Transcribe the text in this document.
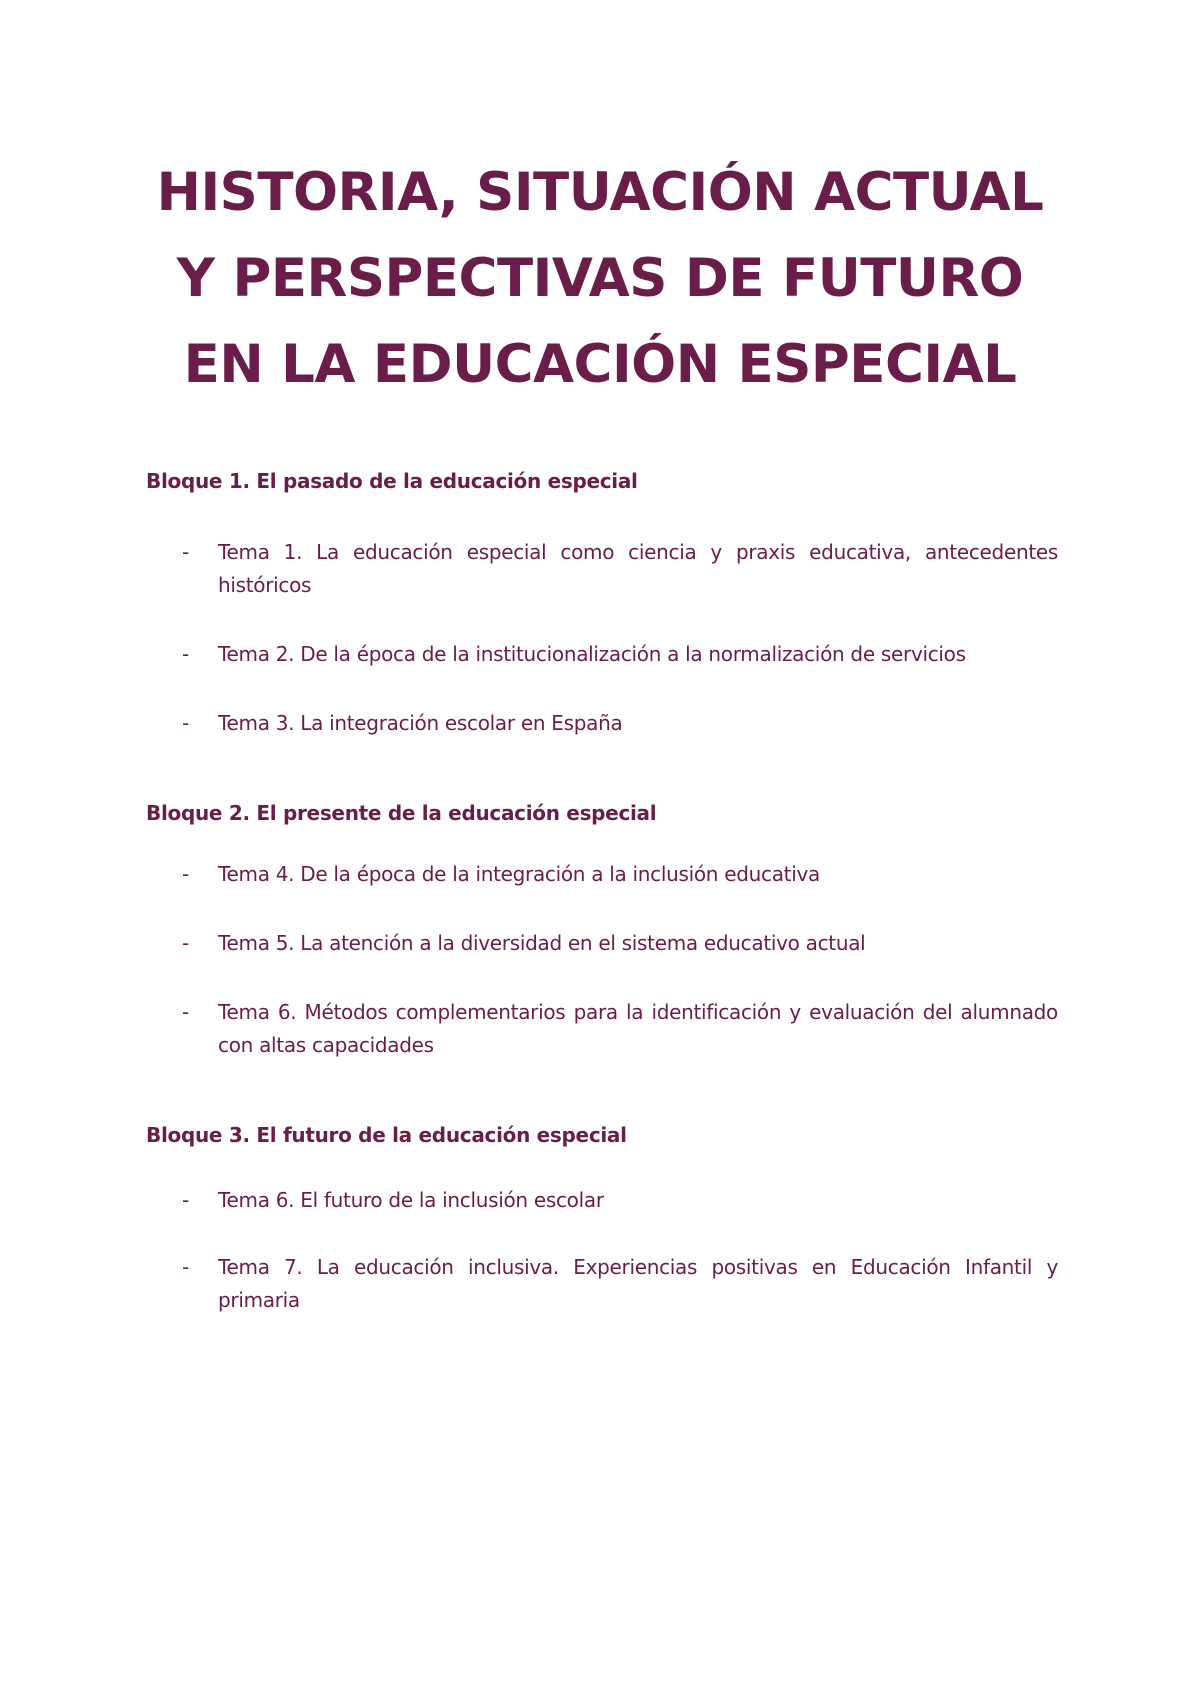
HISTORIA, SITUACIÓN ACTUAL Y PERSPECTIVAS DE FUTURO EN LA EDUCACIÓN ESPECIAL
Bloque 1. El pasado de la educación especial
- Tema 1. La educación especial como ciencia y praxis educativa, antecedentes históricos
- Tema 2. De la época de la institucionalización a la normalización de servicios
- Tema 3. La integración escolar en España
Bloque 2. El presente de la educación especial
- Tema 4. De la época de la integración a la inclusión educativa
- Tema 5. La atención a la diversidad en el sistema educativo actual
- Tema 6. Métodos complementarios para la identificación y evaluación del alumnado con altas capacidades
Bloque 3. El futuro de la educación especial
- Tema 6. El futuro de la inclusión escolar
- Tema 7. La educación inclusiva. Experiencias positivas en Educación Infantil y primaria
